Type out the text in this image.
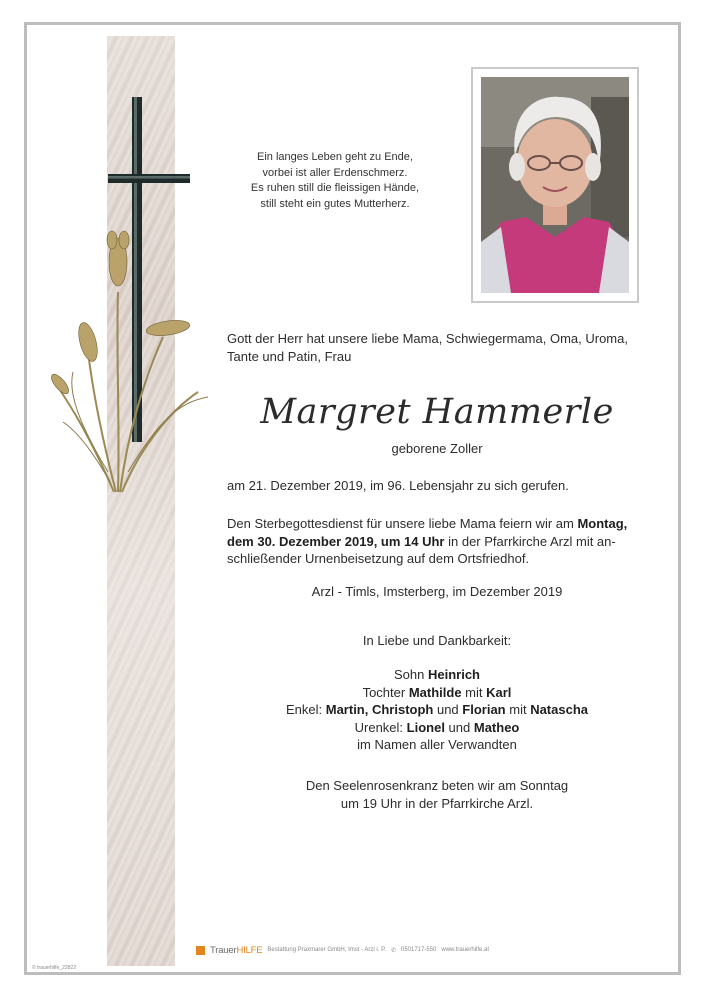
Ein langes Leben geht zu Ende,
vorbei ist aller Erdenschmerz.
Es ruhen still die fleissigen Hände,
still steht ein gutes Mutterherz.
Gott der Herr hat unsere liebe Mama, Schwiegermama, Oma, Uroma, Tante und Patin, Frau
Margret Hammerle
geborene Zoller
am 21. Dezember 2019, im 96. Lebensjahr zu sich gerufen.
Den Sterbegottesdienst für unsere liebe Mama feiern wir am Montag, dem 30. Dezember 2019, um 14 Uhr in der Pfarrkirche Arzl mit anschließender Urnenbeisetzung auf dem Ortsfriedhof.
Arzl - Timls, Imsterberg, im Dezember 2019
In Liebe und Dankbarkeit:
Sohn Heinrich
Tochter Mathilde mit Karl
Enkel: Martin, Christoph und Florian mit Natascha
Urenkel: Lionel und Matheo
im Namen aller Verwandten
Den Seelenrosenkranz beten wir am Sonntag
um 19 Uhr in der Pfarrkirche Arzl.
TrauerHILFE Bestattung Praxmarer GmbH, Imst - Arzl i. P. ✆ 0501717-550 www.trauerhilfe.at
© trauerhilfe_22822
